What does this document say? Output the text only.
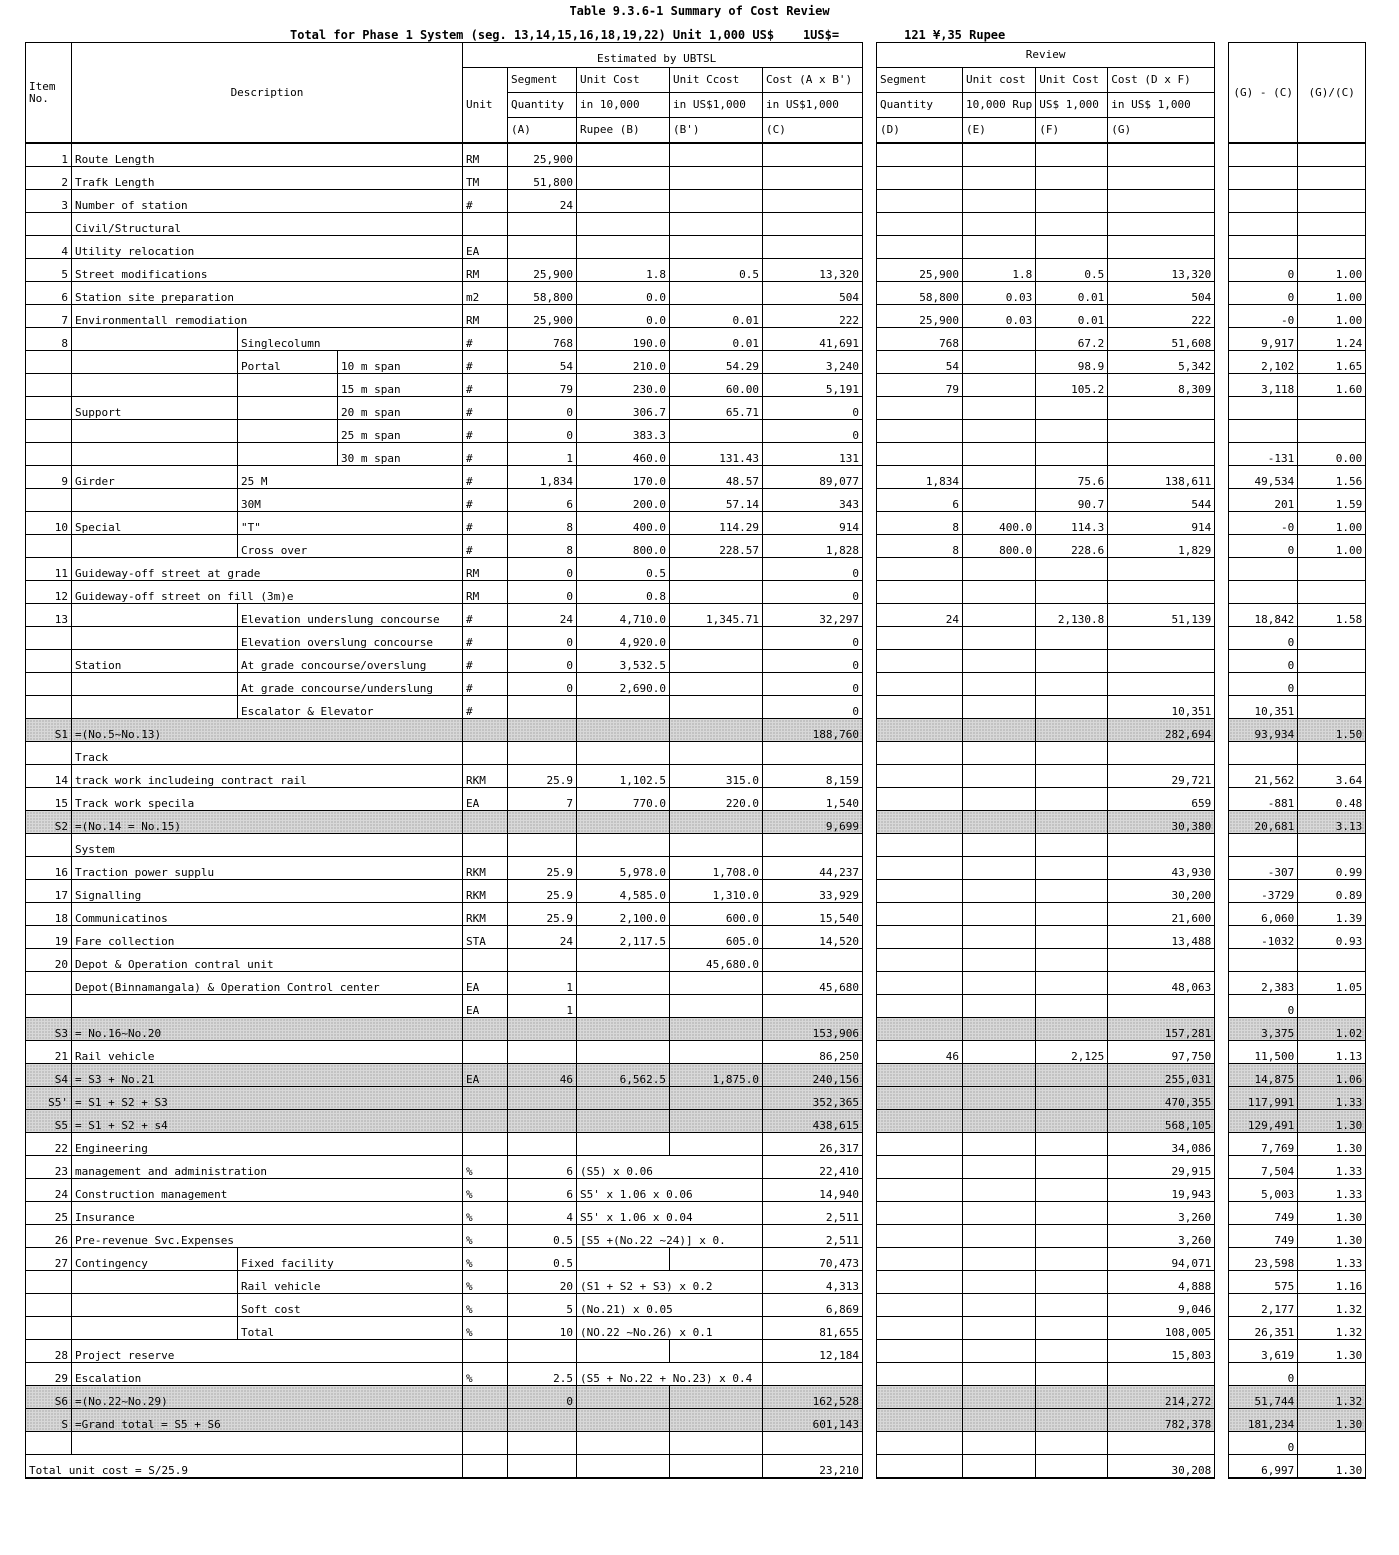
Table 9.3.6-1 Summary of Cost Review
Total for Phase 1 System (seg. 13,14,15,16,18,19,22) Unit 1,000 US$    1US$=         121 ¥,35 Rupee
Item
No.	Description									Review					(G) - (C)	(G)/(C)
				Unit	Segment	Unit Cost	Unit Ccost	Cost (A x B')		Segment	Unit cost	Unit Cost	Cost (D x F)			
					Quantity	in 10,000	in US$1,000	in US$1,000		Quantity	10,000 Rup	US$ 1,000	in US$ 1,000			
					(A)	Rupee (B)	(B')	(C)		(D)	(E)	(F)	(G)			
1	Route Length			RM	25,900											
2	Trafk Length			TM	51,800											
3	Number of station			#	24											
	Civil/Structural															
4	Utility relocation			EA												
5	Street modifications			RM	25,900	1.8	0.5	13,320		25,900	1.8	0.5	13,320		0	1.00
6	Station site preparation			m2	58,800	0.0		504		58,800	0.03	0.01	504		0	1.00
7	Environmentall remodiation			RM	25,900	0.0	0.01	222		25,900	0.03	0.01	222		-0	1.00
8		Singlecolumn		#	768	190.0	0.01	41,691		768		67.2	51,608		9,917	1.24
		Portal	10 m span	#	54	210.0	54.29	3,240		54		98.9	5,342		2,102	1.65
			15 m span	#	79	230.0	60.00	5,191		79		105.2	8,309		3,118	1.60
	Support		20 m span	#	0	306.7	65.71	0								
			25 m span	#	0	383.3		0								
			30 m span	#	1	460.0	131.43	131							-131	0.00
9	Girder	25 M		#	1,834	170.0	48.57	89,077		1,834		75.6	138,611		49,534	1.56
		30M		#	6	200.0	57.14	343		6		90.7	544		201	1.59
10	Special	"T"		#	8	400.0	114.29	914		8	400.0	114.3	914		-0	1.00
		Cross over		#	8	800.0	228.57	1,828		8	800.0	228.6	1,829		0	1.00
11	Guideway-off street at grade			RM	0	0.5		0								
12	Guideway-off street on fill (3m)e			RM	0	0.8		0								
13		Elevation underslung concourse		#	24	4,710.0	1,345.71	32,297		24		2,130.8	51,139		18,842	1.58
		Elevation overslung concourse		#	0	4,920.0		0							0	
	Station	At grade concourse/overslung		#	0	3,532.5		0							0	
		At grade concourse/underslung		#	0	2,690.0		0							0	
		Escalator & Elevator		#				0					10,351		10,351	
S1	=(No.5~No.13)							188,760					282,694		93,934	1.50
	Track															
14	track work includeing contract rail			RKM	25.9	1,102.5	315.0	8,159					29,721		21,562	3.64
15	Track work specila			EA	7	770.0	220.0	1,540					659		-881	0.48
S2	=(No.14 = No.15)							9,699					30,380		20,681	3.13
	System															
16	Traction power supplu			RKM	25.9	5,978.0	1,708.0	44,237					43,930		-307	0.99
17	Signalling			RKM	25.9	4,585.0	1,310.0	33,929					30,200		-3729	0.89
18	Communicatinos			RKM	25.9	2,100.0	600.0	15,540					21,600		6,060	1.39
19	Fare collection			STA	24	2,117.5	605.0	14,520					13,488		-1032	0.93
20	Depot & Operation contral unit						45,680.0									
	Depot(Binnamangala) & Operation Control center			EA	1			45,680					48,063		2,383	1.05
				EA	1										0	
S3	= No.16~No.20							153,906					157,281		3,375	1.02
21	Rail vehicle							86,250		46		2,125	97,750		11,500	1.13
S4	= S3 + No.21			EA	46	6,562.5	1,875.0	240,156					255,031		14,875	1.06
S5'	= S1 + S2 + S3							352,365					470,355		117,991	1.33
S5	= S1 + S2 + s4							438,615					568,105		129,491	1.30
22	Engineering							26,317					34,086		7,769	1.30
23	management and administration			%	6	(S5) x 0.06		22,410					29,915		7,504	1.33
24	Construction management			%	6	S5' x 1.06 x 0.06		14,940					19,943		5,003	1.33
25	Insurance			%	4	S5' x 1.06 x 0.04		2,511					3,260		749	1.30
26	Pre-revenue Svc.Expenses			%	0.5	[S5 +(No.22 ~24)] x 0.		2,511					3,260		749	1.30
27	Contingency	Fixed facility		%	0.5			70,473					94,071		23,598	1.33
		Rail vehicle		%	20	(S1 + S2 + S3) x 0.2		4,313					4,888		575	1.16
		Soft cost		%	5	(No.21) x 0.05		6,869					9,046		2,177	1.32
		Total		%	10	(NO.22 ~No.26) x 0.1		81,655					108,005		26,351	1.32
28	Project reserve							12,184					15,803		3,619	1.30
29	Escalation			%	2.5	(S5 + No.22 + No.23) x 0.4									0	
S6	=(No.22~No.29)				0			162,528					214,272		51,744	1.32
S	=Grand total = S5 + S6							601,143					782,378		181,234	1.30
															0	
Total unit cost = S/25.9								23,210					30,208		6,997	1.30
Estimated by UBTSL
